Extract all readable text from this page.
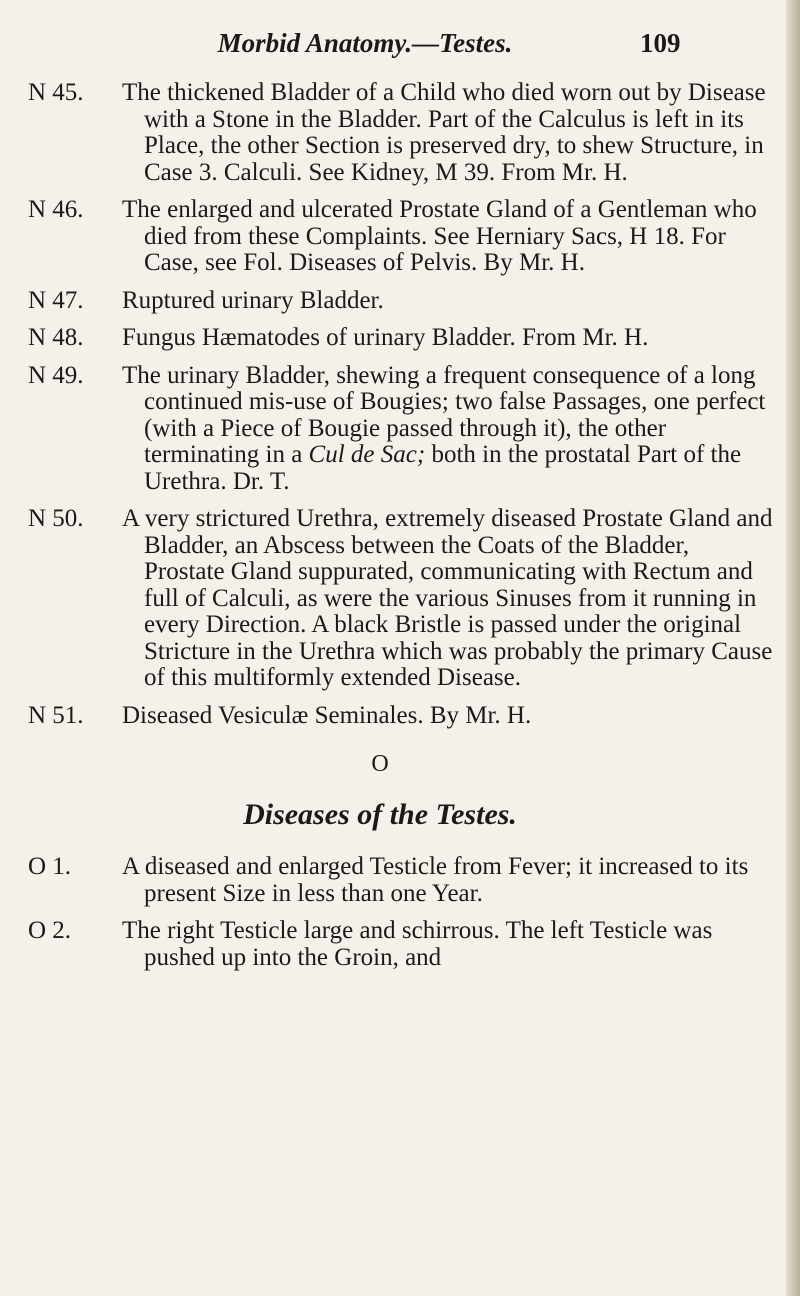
Morbid Anatomy.—Testes.	109
N 45. The thickened Bladder of a Child who died worn out by Disease with a Stone in the Bladder. Part of the Calculus is left in its Place, the other Section is preserved dry, to shew Structure, in Case 3. Calculi. See Kidney, M 39. From Mr. H.
N 46. The enlarged and ulcerated Prostate Gland of a Gentleman who died from these Complaints. See Herniary Sacs, H 18. For Case, see Fol. Diseases of Pelvis. By Mr. H.
N 47. Ruptured urinary Bladder.
N 48. Fungus Hæmatodes of urinary Bladder. From Mr. H.
N 49. The urinary Bladder, shewing a frequent consequence of a long continued mis-use of Bougies; two false Passages, one perfect (with a Piece of Bougie passed through it), the other terminating in a Cul de Sac; both in the prostatal Part of the Urethra. Dr. T.
N 50. A very strictured Urethra, extremely diseased Prostate Gland and Bladder, an Abscess between the Coats of the Bladder, Prostate Gland suppurated, communicating with Rectum and full of Calculi, as were the various Sinuses from it running in every Direction. A black Bristle is passed under the original Stricture in the Urethra which was probably the primary Cause of this multiformly extended Disease.
N 51. Diseased Vesiculæ Seminales. By Mr. H.
O
Diseases of the Testes.
O 1. A diseased and enlarged Testicle from Fever; it increased to its present Size in less than one Year.
O 2. The right Testicle large and schirrous. The left Testicle was pushed up into the Groin, and
